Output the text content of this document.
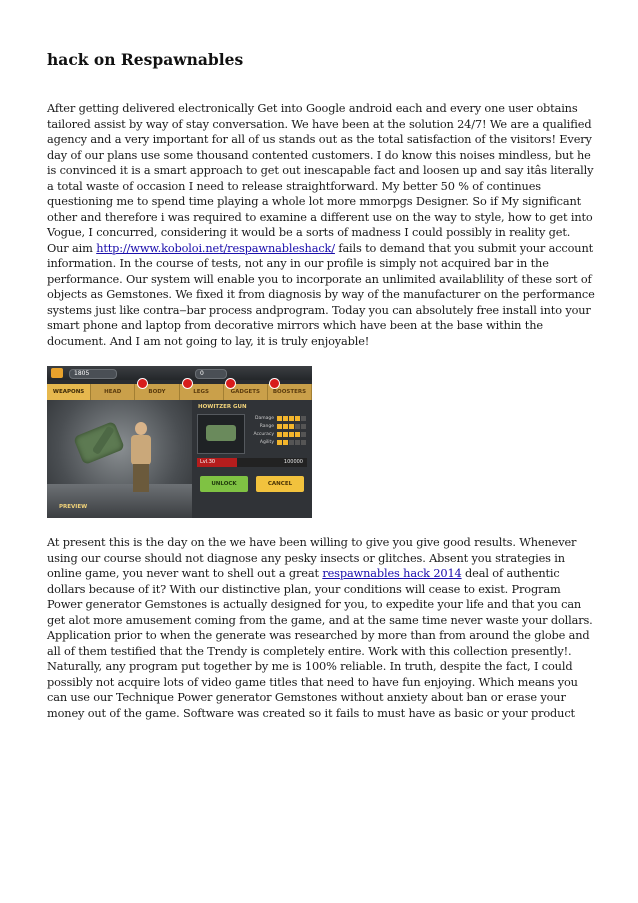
hack on Respawnables

After getting delivered electronically Get into Google android each and every one user obtains tailored assist by way of stay conversation. We have been at the solution 24/7! We are a qualified agency and a very important for all of us stands out as the total satisfaction of the visitors! Every day of our plans use some thousand contented customers. I do know this noises mindless, but he is convinced it is a smart approach to get out inescapable fact and loosen up and say itâs literally a total waste of occasion I need to release straightforward. My better 50 % of continues questioning me to spend time playing a whole lot more mmorpgs Designer. So if My significant other and therefore i was required to examine a different use on the way to style, how to get into Vogue, I concurred, considering it would be a sorts of madness I could possibly in reality get. Our aim http://www.koboloi.net/respawnableshack/ fails to demand that you submit your account information. In the course of tests, not any in our profile is simply not acquired bar in the performance. Our system will enable you to incorporate an unlimited availablility of these sort of objects as Gemstones. We fixed it from diagnosis by way of the manufacturer on the performance systems just like contra‒bar process andprogram. Today you can absolutely free install into your smart phone and laptop from decorative mirrors which have been at the base within the document. And I am not going to lay, it is truly enjoyable!

1805	0
WEAPONS	HEAD	BODY	LEGS	GADGETS	BOOSTERS
PREVIEW
HOWITZER GUN
Damage
Range
Accuracy
Agility
Lvl.30	100000
UNLOCK	CANCEL

At present this is the day on the we have been willing to give you give good results. Whenever using our course should not diagnose any pesky insects or glitches. Absent you strategies in online game, you never want to shell out a great respawnables hack 2014 deal of authentic dollars because of it? With our distinctive plan, your conditions will cease to exist. Program Power generator Gemstones is actually designed for you, to expedite your life and that you can get alot more amusement coming from the game, and at the same time never waste your dollars. Application prior to when the generate was researched by more than from around the globe and all of them testified that the Trendy is completely entire. Work with this collection presently!. Naturally, any program put together by me is 100% reliable. In truth, despite the fact, I could possibly not acquire lots of video game titles that need to have fun enjoying. Which means you can use our Technique Power generator Gemstones without anxiety about ban or erase your money out of the game. Software was created so it fails to must have as basic or your product
